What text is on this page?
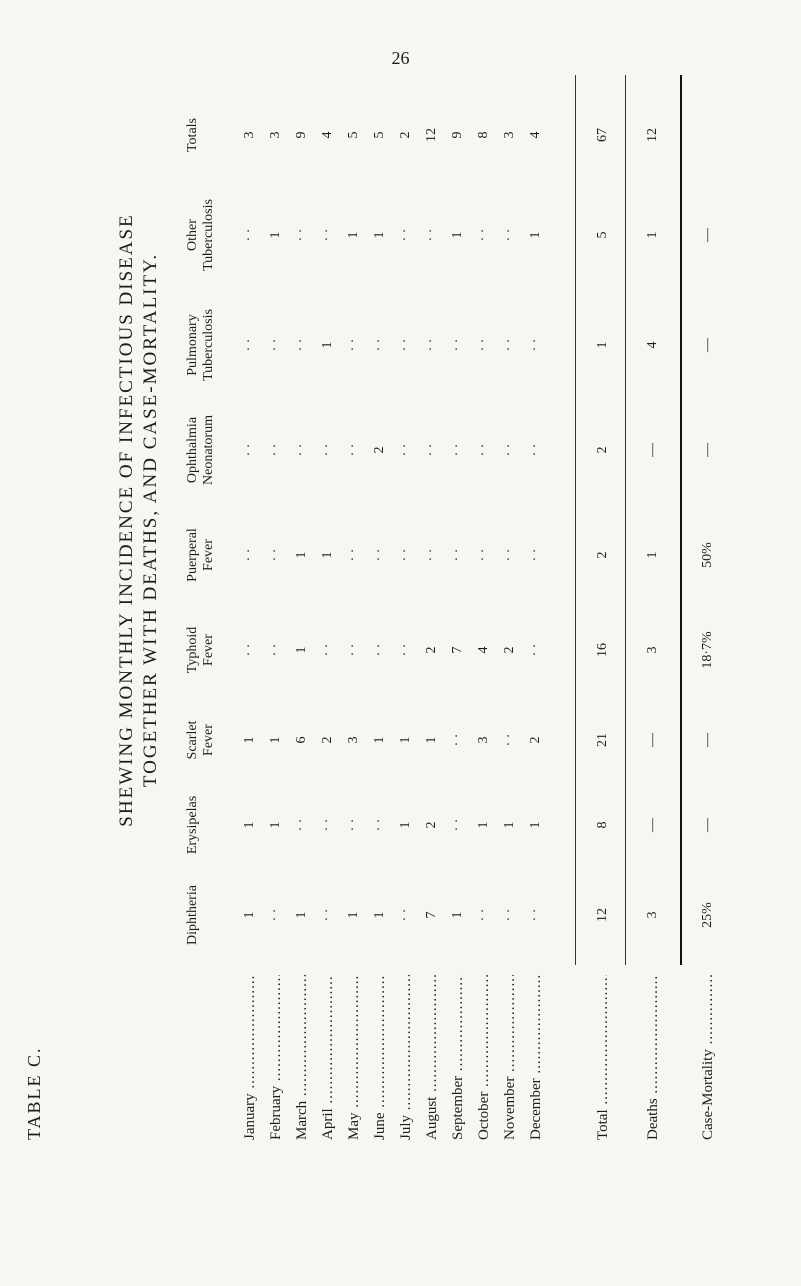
26
TABLE C.
SHEWING MONTHLY INCIDENCE OF INFECTIOUS DISEASE TOGETHER WITH DEATHS, AND CASE-MORTALITY.
Diphtheria
Erysipelas
Scarlet Fever
Typhoid Fever
Puerperal Fever
Ophthalmia Neonatorum
Pulmonary Tuberculosis
Other Tuberculosis
Totals
January .....
1
1
1
· ·
· ·
· ·
· ·
· ·
3
February .....
· ·
1
1
· ·
· ·
· ·
· ·
1
3
March .....
1
· ·
6
1
1
· ·
· ·
· ·
9
April .....
· ·
· ·
2
· ·
1
· ·
1
· ·
4
May .....
1
· ·
3
· ·
· ·
· ·
· ·
1
5
June .....
1
· ·
1
· ·
· ·
2
· ·
1
5
July .....
· ·
1
1
· ·
· ·
· ·
· ·
· ·
2
August .....
7
2
1
2
· ·
· ·
· ·
· ·
12
September .....
1
· ·
· ·
7
· ·
· ·
· ·
1
9
October .....
· ·
1
3
4
· ·
· ·
· ·
· ·
8
November .....
· ·
1
· ·
2
· ·
· ·
· ·
· ·
3
December .....
· ·
1
2
· ·
· ·
· ·
· ·
1
4
Total .....
12
8
21
16
2
2
1
5
67
Deaths .....
3
—
—
3
1
—
4
1
12
Case-Mortality .....
25%
—
—
18·7%
50%
—
—
—
